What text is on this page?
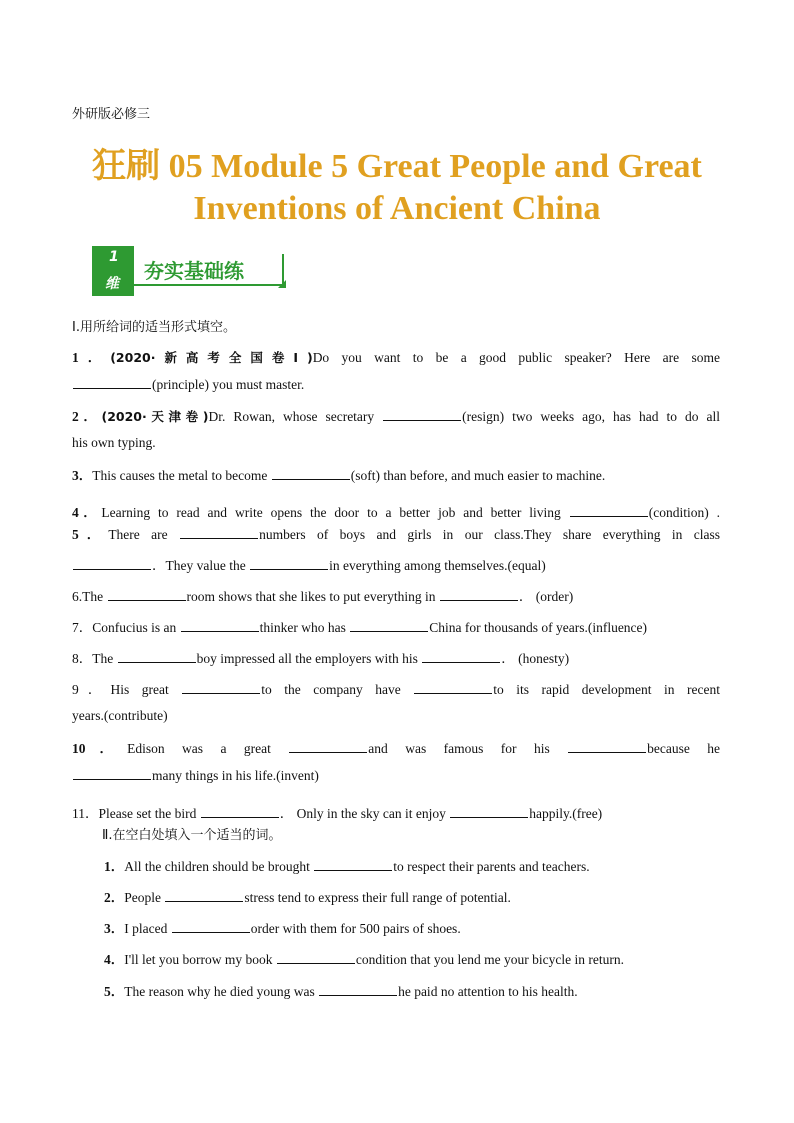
外研版必修三
狂刷 05 Module 5 Great People and Great
Inventions of Ancient China
1
维
夯实基础练
I.用所给词的适当形式填空。
1．(2020·新高考全国卷Ⅰ)Do you want to be a good public speaker? Here are some
(principle) you must master.
2．(2020·天津卷)Dr. Rowan, whose secretary	(resign) two weeks ago, has had to do all
his own typing.
3．This causes the metal to become	(soft) than before, and much easier to machine.
4．Learning to read and write opens the door to a better job and better living	(condition) .
5．There are	numbers of boys and girls in our class.They share everything in class
．They value the	in everything among themselves.(equal)
6.The	room shows that she likes to put everything in	． (order)
7．Confucius is an	thinker who has	China for thousands of years.(influence)
8．The	boy impressed all the employers with his	． (honesty)
9．His great	to the company have	to its rapid development in recent
years.(contribute)
10．Edison was a great	and was famous for his	because he
many things in his life.(invent)
11．Please set the bird	． Only in the sky can it enjoy	happily.(free)
Ⅱ.在空白处填入一个适当的词。
1．All the children should be brought	to respect their parents and teachers.
2．People	stress tend to express their full range of potential.
3．I placed	order with them for 500 pairs of shoes.
4．I'll let you borrow my book	condition that you lend me your bicycle in return.
5．The reason why he died young was	he paid no attention to his health.
